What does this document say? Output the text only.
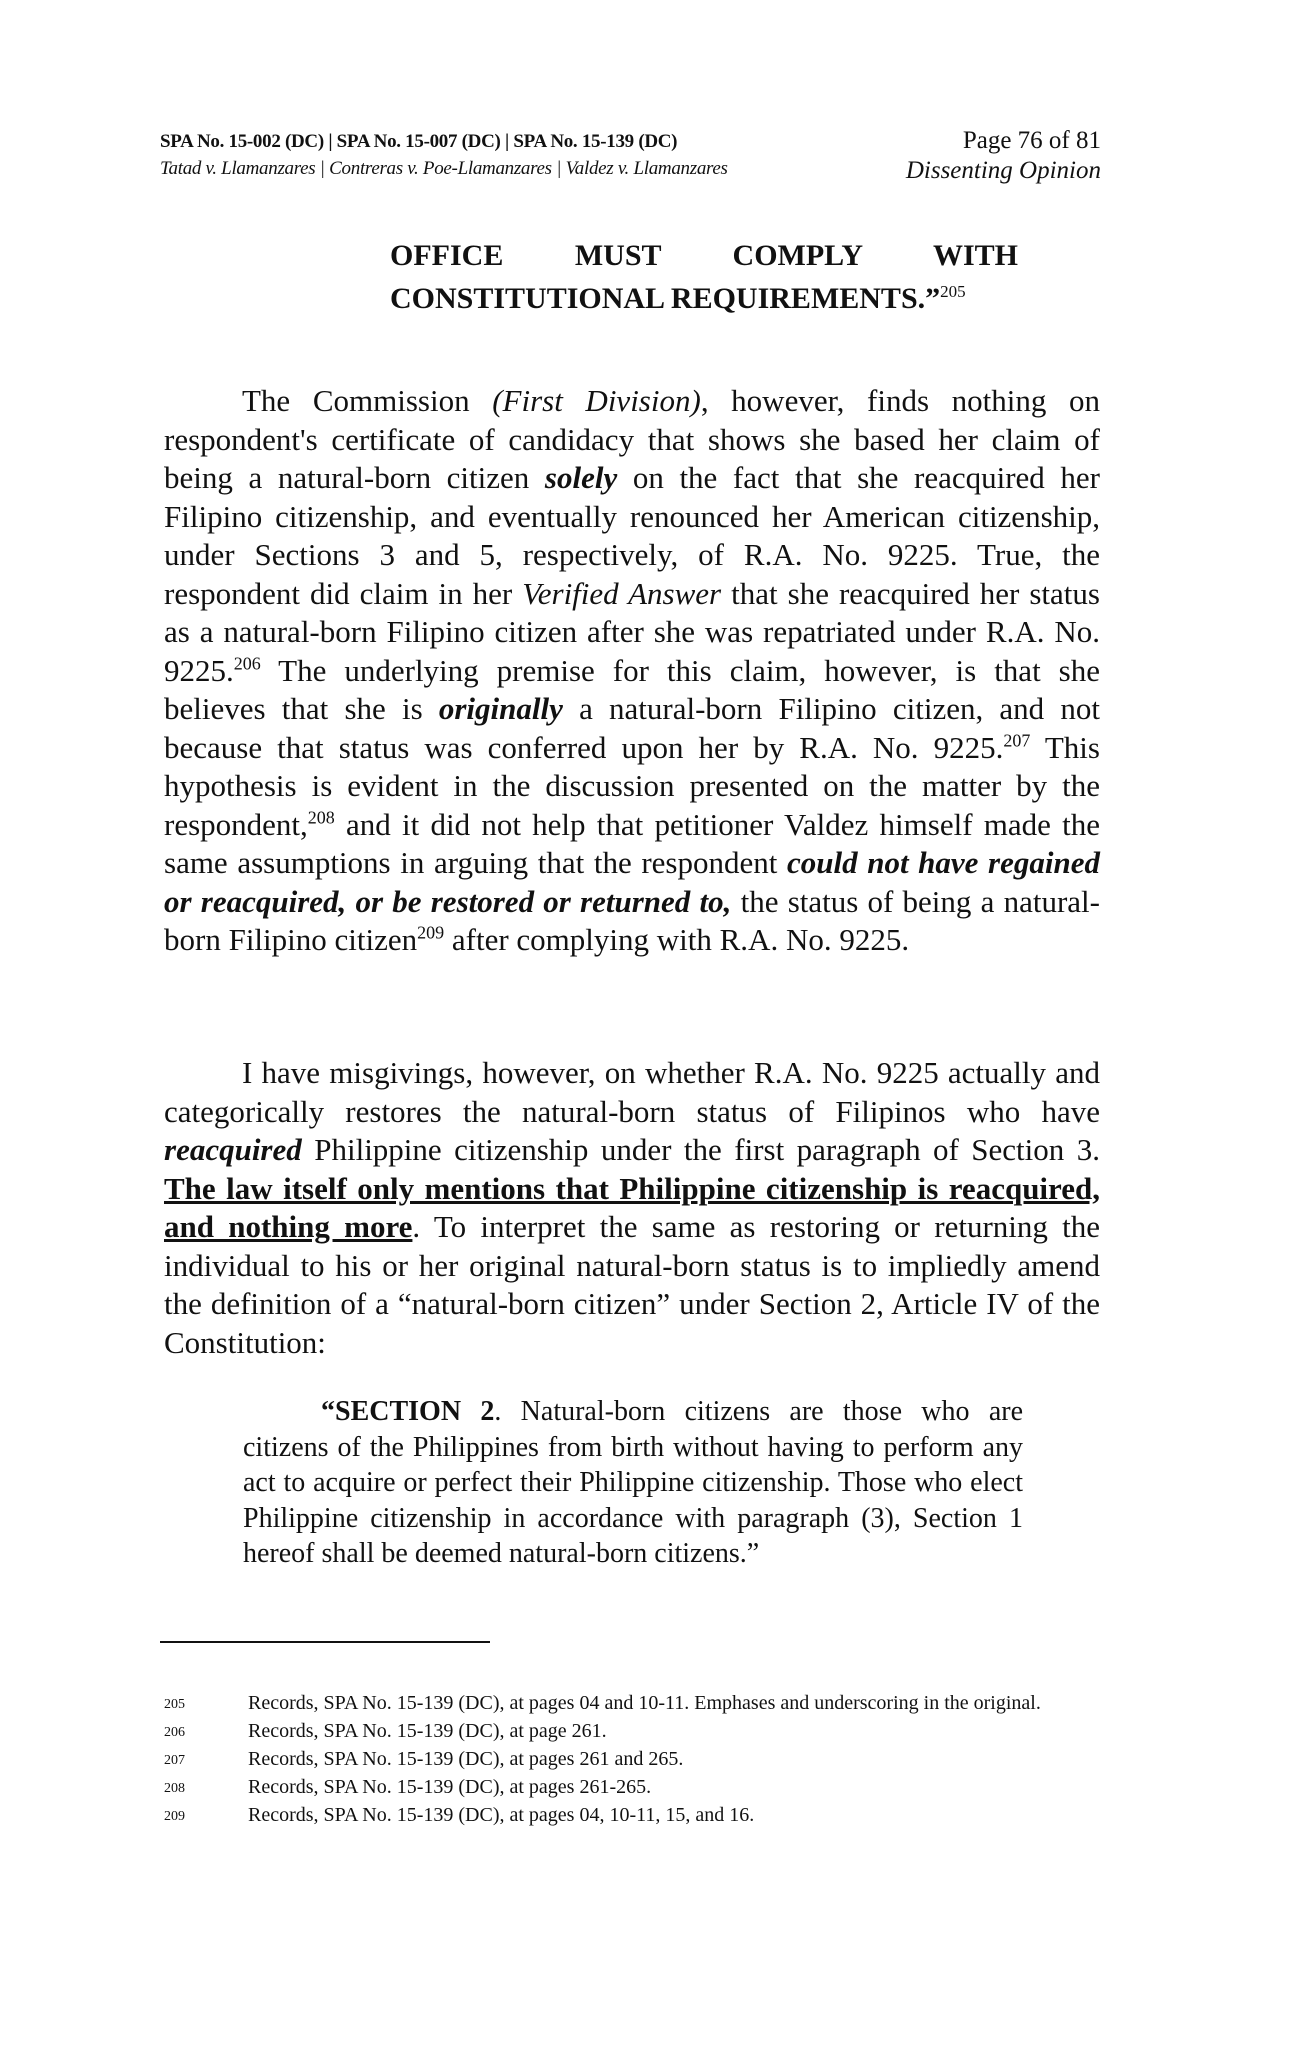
SPA No. 15-002 (DC) | SPA No. 15-007 (DC) | SPA No. 15-139 (DC)
Tatad v. Llamanzares | Contreras v. Poe-Llamanzares | Valdez v. Llamanzares
Page 76 of 81
Dissenting Opinion
OFFICE MUST COMPLY WITH
CONSTITUTIONAL REQUIREMENTS.”$^{205}$

The Commission (First Division), however, finds nothing on respondent's certificate of candidacy that shows she based her claim of being a natural-born citizen solely on the fact that she reacquired her Filipino citizenship, and eventually renounced her American citizenship, under Sections 3 and 5, respectively, of R.A. No. 9225. True, the respondent did claim in her Verified Answer that she reacquired her status as a natural-born Filipino citizen after she was repatriated under R.A. No. 9225.$^{206}$ The underlying premise for this claim, however, is that she believes that she is originally a natural-born Filipino citizen, and not because that status was conferred upon her by R.A. No. 9225.$^{207}$ This hypothesis is evident in the discussion presented on the matter by the respondent,$^{208}$ and it did not help that petitioner Valdez himself made the same assumptions in arguing that the respondent could not have regained or reacquired, or be restored or returned to, the status of being a natural-born Filipino citizen$^{209}$ after complying with R.A. No. 9225.

I have misgivings, however, on whether R.A. No. 9225 actually and categorically restores the natural-born status of Filipinos who have reacquired Philippine citizenship under the first paragraph of Section 3. The law itself only mentions that Philippine citizenship is reacquired, and nothing more. To interpret the same as restoring or returning the individual to his or her original natural-born status is to impliedly amend the definition of a “natural-born citizen” under Section 2, Article IV of the Constitution:

“SECTION 2. Natural-born citizens are those who are citizens of the Philippines from birth without having to perform any act to acquire or perfect their Philippine citizenship. Those who elect Philippine citizenship in accordance with paragraph (3), Section 1 hereof shall be deemed natural-born citizens.”

205	Records, SPA No. 15-139 (DC), at pages 04 and 10-11. Emphases and underscoring in the original.
206	Records, SPA No. 15-139 (DC), at page 261.
207	Records, SPA No. 15-139 (DC), at pages 261 and 265.
208	Records, SPA No. 15-139 (DC), at pages 261-265.
209	Records, SPA No. 15-139 (DC), at pages 04, 10-11, 15, and 16.
